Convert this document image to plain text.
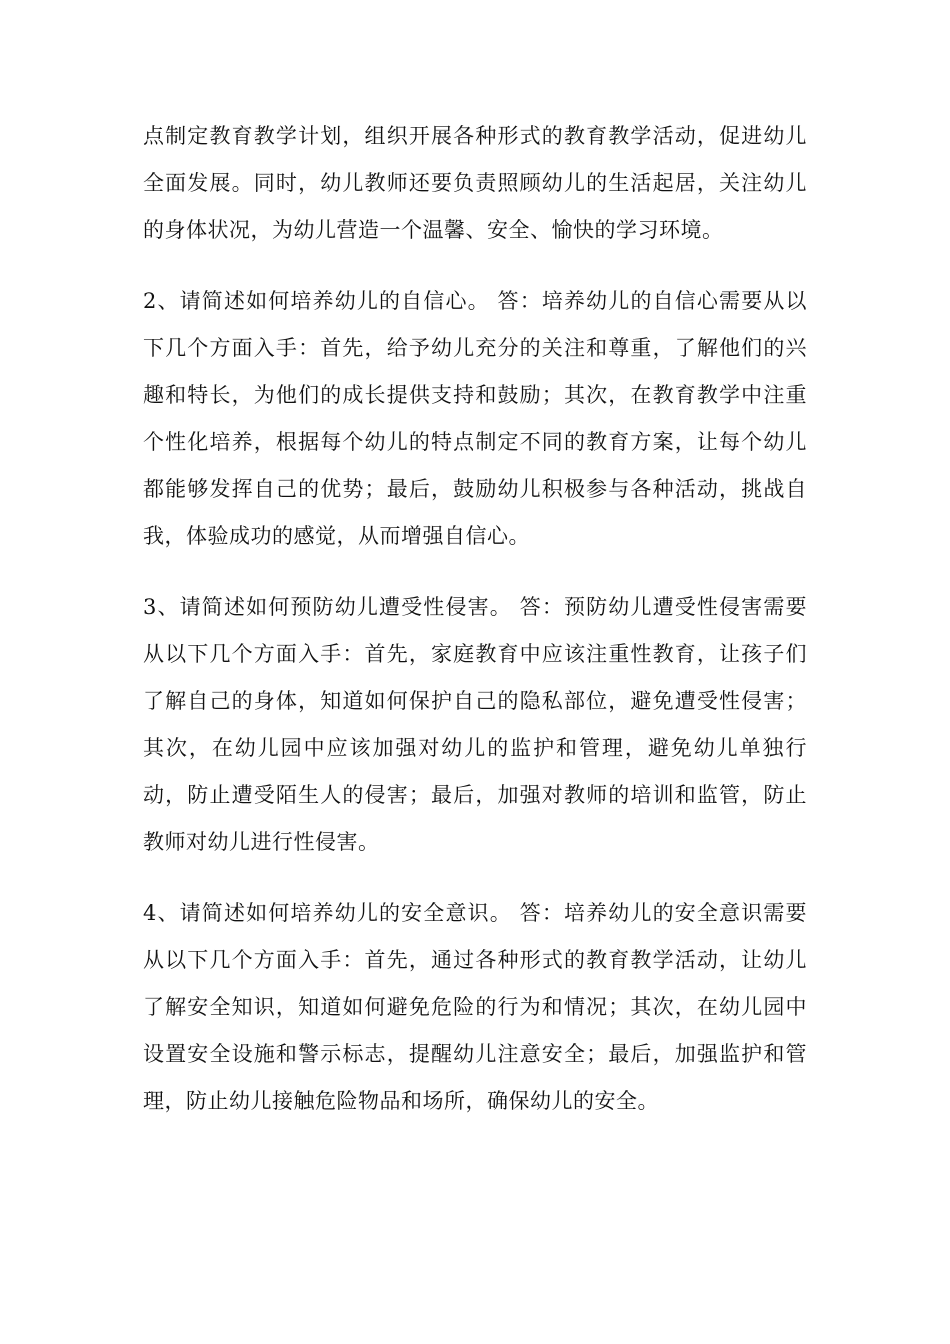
点制定教育教学计划，组织开展各种形式的教育教学活动，促进幼儿全面发展。同时，幼儿教师还要负责照顾幼儿的生活起居，关注幼儿的身体状况，为幼儿营造一个温馨、安全、愉快的学习环境。

2、请简述如何培养幼儿的自信心。 答：培养幼儿的自信心需要从以下几个方面入手：首先，给予幼儿充分的关注和尊重，了解他们的兴趣和特长，为他们的成长提供支持和鼓励；其次，在教育教学中注重个性化培养，根据每个幼儿的特点制定不同的教育方案，让每个幼儿都能够发挥自己的优势；最后，鼓励幼儿积极参与各种活动，挑战自我，体验成功的感觉，从而增强自信心。

3、请简述如何预防幼儿遭受性侵害。 答：预防幼儿遭受性侵害需要从以下几个方面入手：首先，家庭教育中应该注重性教育，让孩子们了解自己的身体，知道如何保护自己的隐私部位，避免遭受性侵害；其次，在幼儿园中应该加强对幼儿的监护和管理，避免幼儿单独行动，防止遭受陌生人的侵害；最后，加强对教师的培训和监管，防止教师对幼儿进行性侵害。

4、请简述如何培养幼儿的安全意识。 答：培养幼儿的安全意识需要从以下几个方面入手：首先，通过各种形式的教育教学活动，让幼儿了解安全知识，知道如何避免危险的行为和情况；其次，在幼儿园中设置安全设施和警示标志，提醒幼儿注意安全；最后，加强监护和管理，防止幼儿接触危险物品和场所，确保幼儿的安全。
